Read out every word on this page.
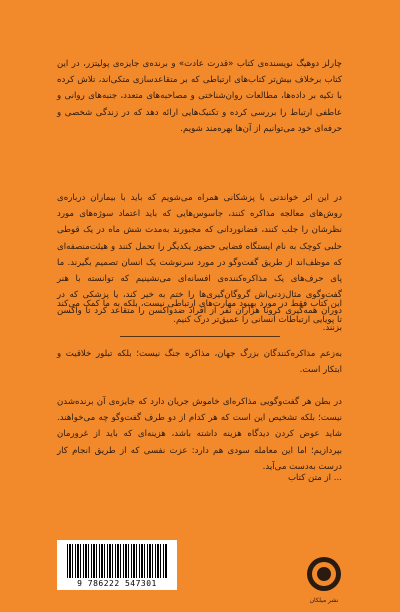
چارلز دوهیگ نویسنده‌ی کتاب «قدرت عادت» و برنده‌ی جایزه‌ی پولیتزر، در این کتاب برخلاف بیش‌تر کتاب‌های ارتباطی که بر متقاعدسازی متکی‌اند، تلاش کرده با تکیه بر داده‌ها، مطالعات روان‌شناختی و مصاحبه‌های متعدد، جنبه‌های روانی و عاطفی ارتباط را بررسی کرده و تکنیک‌هایی ارائه دهد که در زندگی شخصی و حرفه‌ای خود می‌توانیم از آن‌ها بهره‌مند شویم.

در این اثر خواندنی با پزشکانی همراه می‌شویم که باید با بیماران درباره‌ی روش‌های معالجه مذاکره کنند، جاسوس‌هایی که باید اعتماد سوژه‌های مورد نظرشان را جلب کنند، فضانوردانی که مجبورند به‌مدت شش ماه در یک قوطی حلبی کوچک به نام ایستگاه فضایی حضور یکدیگر را تحمل کنند و هیئت‌منصفه‌ای که موظف‌اند از طریق گفت‌وگو در مورد سرنوشت یک انسان تصمیم بگیرند. ما پای حرف‌های یک مذاکره‌کننده‌ی افسانه‌ای می‌نشینیم که توانسته با هنر گفت‌وگوی مثال‌زدنی‌اش گروگان‌گیری‌ها را ختم به خیر کند، یا پزشکی که در دوران همه‌گیری کرونا هزاران نفر از افراد ضدواکسن را متقاعد کرد تا واکسن بزنند.

این کتاب فقط در مورد بهبود مهارت‌های ارتباطی نیست، بلکه به ما کمک می‌کند تا پویایی ارتباطات انسانی را عمیق‌تر درک کنیم.

به‌زعم مذاکره‌کنندگان بزرگ جهان، مذاکره جنگ نیست؛ بلکه تبلور خلاقیت و ابتکار است.

در بطن هر گفت‌وگویی مذاکره‌ای خاموش جریان دارد که جایزه‌ی آن برنده‌شدن نیست؛ بلکه تشخیص این است که هر کدام از دو طرف گفت‌وگو چه می‌خواهند. شاید عوض کردن دیدگاه هزینه داشته باشد، هزینه‌ای که باید از غرورمان بپردازیم؛ اما این معامله سودی هم دارد: عزت نفسی که از طریق انجام کار درست به‌دست می‌آید.

... از متن کتاب
9 786222 547301
نشر میلکان
